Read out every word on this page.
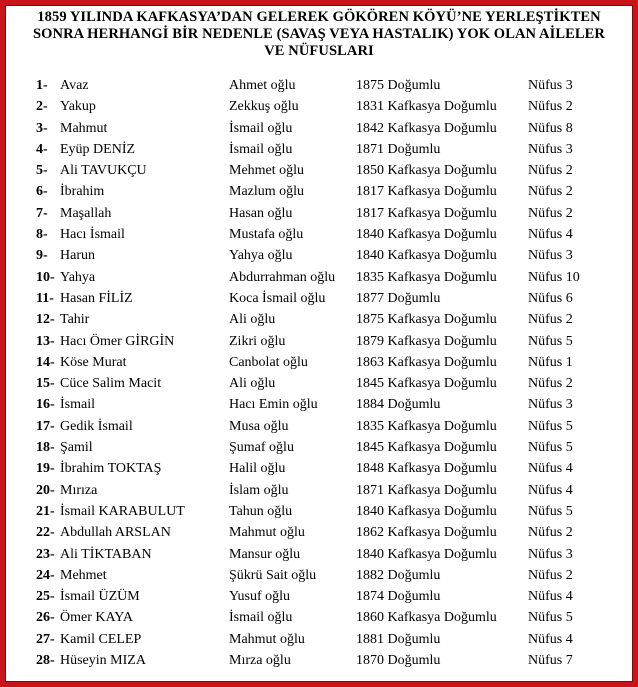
1859 YILINDA KAFKASYA’DAN GELEREK GÖKÖREN KÖYÜ’NE YERLEŞTİKTEN
SONRA HERHANGİ BİR NEDENLE (SAVAŞ VEYA HASTALIK) YOK OLAN AİLELER
VE NÜFUSLARI
1- Avaz	Ahmet oğlu	1875 Doğumlu	Nüfus 3
2- Yakup	Zekkuş oğlu	1831 Kafkasya Doğumlu Nüfus 2
3- Mahmut	İsmail oğlu	1842 Kafkasya Doğumlu Nüfus 8
4- Eyüp DENİZ	İsmail oğlu	1871 Doğumlu	Nüfus 3
5- Ali TAVUKÇU	Mehmet oğlu	1850 Kafkasya Doğumlu Nüfus 2
6- İbrahim	Mazlum oğlu	1817 Kafkasya Doğumlu Nüfus 2
7- Maşallah	Hasan oğlu	1817 Kafkasya Doğumlu Nüfus 2
8- Hacı İsmail	Mustafa oğlu	1840 Kafkasya Doğumlu Nüfus 4
9- Harun	Yahya oğlu	1840 Kafkasya Doğumlu Nüfus 3
10- Yahya	Abdurrahman oğlu 1835 Kafkasya Doğumlu Nüfus 10
11- Hasan FİLİZ	Koca İsmail oğlu 1877 Doğumlu	Nüfus 6
12- Tahir	Ali oğlu	1875 Kafkasya Doğumlu Nüfus 2
13- Hacı Ömer GİRGİN	Zikri oğlu	1879 Kafkasya Doğumlu Nüfus 5
14- Köse Murat	Canbolat oğlu	1863 Kafkasya Doğumlu Nüfus 1
15- Cüce Salim Macit	Ali oğlu	1845 Kafkasya Doğumlu Nüfus 2
16- İsmail	Hacı Emin oğlu	1884 Doğumlu	Nüfus 3
17- Gedik İsmail	Musa oğlu	1835 Kafkasya Doğumlu Nüfus 5
18- Şamil	Şumaf oğlu	1845 Kafkasya Doğumlu Nüfus 5
19- İbrahim TOKTAŞ	Halil oğlu	1848 Kafkasya Doğumlu Nüfus 4
20- Mırıza	İslam oğlu	1871 Kafkasya Doğumlu Nüfus 4
21- İsmail KARABULUT	Tahun oğlu	1840 Kafkasya Doğumlu Nüfus 5
22- Abdullah ARSLAN	Mahmut oğlu	1862 Kafkasya Doğumlu Nüfus 2
23- Ali TİKTABAN	Mansur oğlu	1840 Kafkasya Doğumlu Nüfus 3
24- Mehmet	Şükrü Sait oğlu	1882 Doğumlu	Nüfus 2
25- İsmail ÜZÜM	Yusuf oğlu	1874 Doğumlu	Nüfus 4
26- Ömer KAYA	İsmail oğlu	1860 Kafkasya Doğumlu Nüfus 5
27- Kamil CELEP	Mahmut oğlu	1881 Doğumlu	Nüfus 4
28- Hüseyin MIZA	Mırza oğlu	1870 Doğumlu	Nüfus 7
